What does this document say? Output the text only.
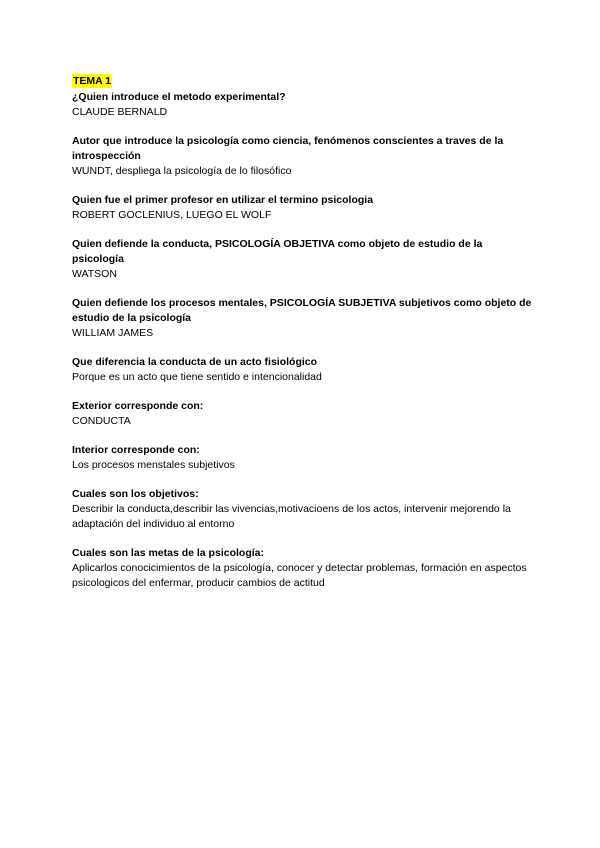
TEMA 1

¿Quien introduce el metodo experimental?

CLAUDE BERNALD

Autor que introduce la psicología como ciencia, fenómenos conscientes a traves de la introspección

WUNDT, despliega la psicología de lo filosófico

Quien fue el primer profesor en utilizar el termino psicologia

ROBERT GOCLENIUS, LUEGO EL WOLF

Quien defiende la conducta, PSICOLOGÍA OBJETIVA como objeto de estudio de la psicología

WATSON

Quien defiende los procesos mentales, PSICOLOGÍA SUBJETIVA subjetivos como objeto de estudio de la psicología

WILLIAM JAMES

Que diferencia la conducta de un acto fisiológico

Porque es un acto que tiene sentido e intencionalidad

Exterior corresponde con:

CONDUCTA

Interior corresponde con:

Los procesos menstales subjetivos

Cuales son los objetivos:

Describir la conducta,describir las vivencias,motivacioens de los actos, intervenir mejorendo la adaptación del individuo al entorno

Cuales son las metas de la psicología:

Aplicarlos conocicimientos de la psicología, conocer y detectar problemas, formación en aspectos psicologicos del enfermar, producir cambios de actitud
